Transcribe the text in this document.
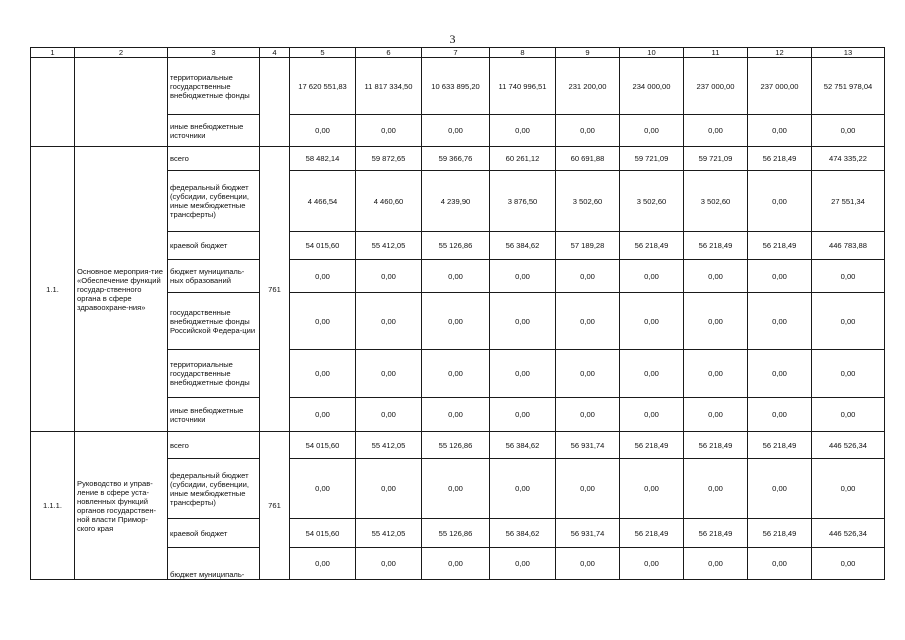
3
1	2	3	4	5	6	7	8	9	10	11	12	13
		территориальные государственные внебюджетные фонды		17 620 551,83	11 817 334,50	10 633 895,20	11 740 996,51	231 200,00	234 000,00	237 000,00	237 000,00	52 751 978,04
		иные внебюджетные источники		0,00	0,00	0,00	0,00	0,00	0,00	0,00	0,00	0,00
1.1.	Основное мероприя-тие «Обеспечение функций государ-ственного органа в сфере здравоохране-ния»	всего	761	58 482,14	59 872,65	59 366,76	60 261,12	60 691,88	59 721,09	59 721,09	56 218,49	474 335,22
		федеральный бюджет (субсидии, субвенции, иные межбюджетные трансферты)		4 466,54	4 460,60	4 239,90	3 876,50	3 502,60	3 502,60	3 502,60	0,00	27 551,34
		краевой бюджет		54 015,60	55 412,05	55 126,86	56 384,62	57 189,28	56 218,49	56 218,49	56 218,49	446 783,88
		бюджет муниципаль-ных образований		0,00	0,00	0,00	0,00	0,00	0,00	0,00	0,00	0,00
		государственные внебюджетные фонды Российской Федера-ции		0,00	0,00	0,00	0,00	0,00	0,00	0,00	0,00	0,00
		территориальные государственные внебюджетные фонды		0,00	0,00	0,00	0,00	0,00	0,00	0,00	0,00	0,00
		иные внебюджетные источники		0,00	0,00	0,00	0,00	0,00	0,00	0,00	0,00	0,00
1.1.1.	Руководство и управ-ление в сфере уста-новленных функций органов государствен-ной власти Примор-ского края	всего	761	54 015,60	55 412,05	55 126,86	56 384,62	56 931,74	56 218,49	56 218,49	56 218,49	446 526,34
		федеральный бюджет (субсидии, субвенции, иные межбюджетные трансферты)		0,00	0,00	0,00	0,00	0,00	0,00	0,00	0,00	0,00
		краевой бюджет		54 015,60	55 412,05	55 126,86	56 384,62	56 931,74	56 218,49	56 218,49	56 218,49	446 526,34
		бюджет муниципаль-		0,00	0,00	0,00	0,00	0,00	0,00	0,00	0,00	0,00
